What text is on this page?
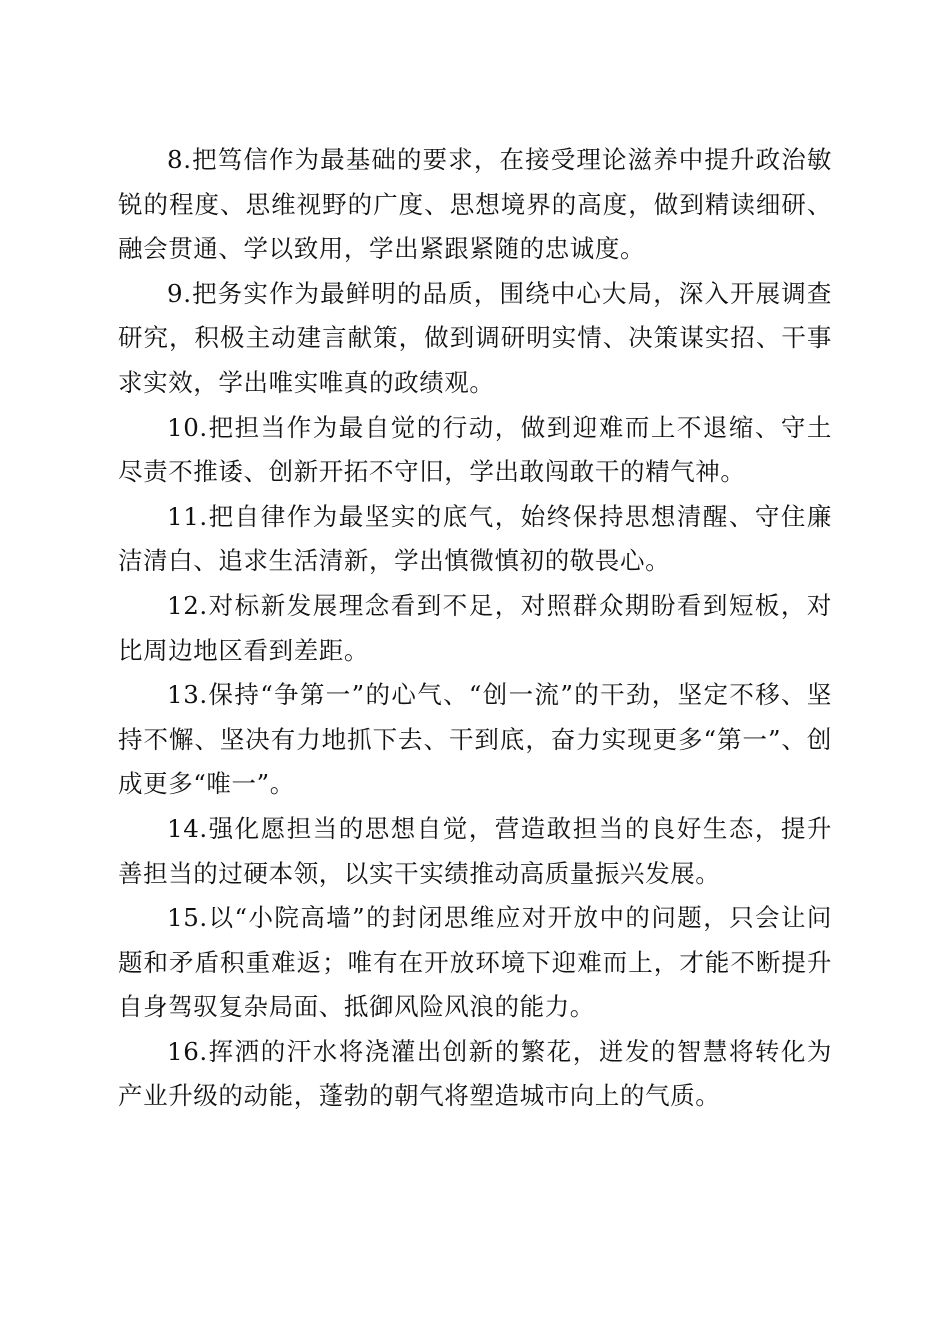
8.把笃信作为最基础的要求，在接受理论滋养中提升政治敏锐的程度、思维视野的广度、思想境界的高度，做到精读细研、融会贯通、学以致用，学出紧跟紧随的忠诚度。

9.把务实作为最鲜明的品质，围绕中心大局，深入开展调查研究，积极主动建言献策，做到调研明实情、决策谋实招、干事求实效，学出唯实唯真的政绩观。

10.把担当作为最自觉的行动，做到迎难而上不退缩、守土尽责不推诿、创新开拓不守旧，学出敢闯敢干的精气神。

11.把自律作为最坚实的底气，始终保持思想清醒、守住廉洁清白、追求生活清新，学出慎微慎初的敬畏心。

12.对标新发展理念看到不足，对照群众期盼看到短板，对比周边地区看到差距。

13.保持“争第一”的心气、“创一流”的干劲，坚定不移、坚持不懈、坚决有力地抓下去、干到底，奋力实现更多“第一”、创成更多“唯一”。

14.强化愿担当的思想自觉，营造敢担当的良好生态，提升善担当的过硬本领，以实干实绩推动高质量振兴发展。

15.以“小院高墙”的封闭思维应对开放中的问题，只会让问题和矛盾积重难返；唯有在开放环境下迎难而上，才能不断提升自身驾驭复杂局面、抵御风险风浪的能力。

16.挥洒的汗水将浇灌出创新的繁花，迸发的智慧将转化为产业升级的动能，蓬勃的朝气将塑造城市向上的气质。
